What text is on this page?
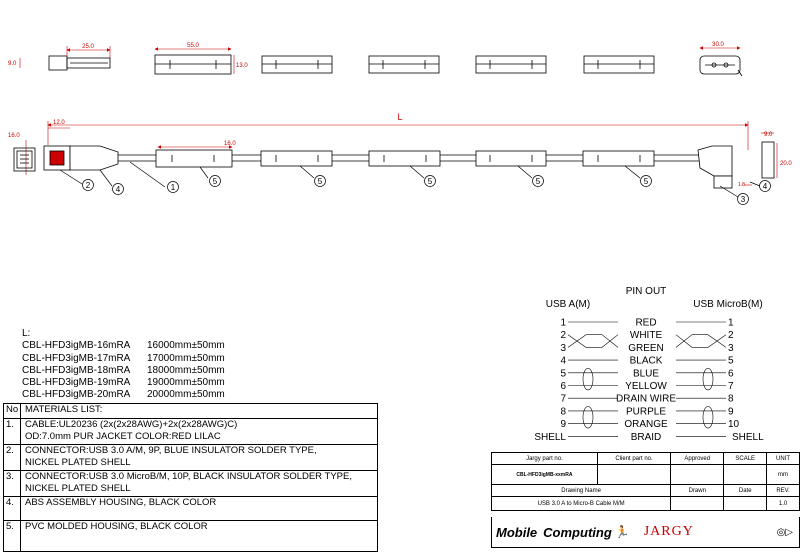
25.0
9.0
55.0
13.0
30.0
L
12.0
16.0
16.0
9.0
20.0
1.8
2	4	1
5	5	5	5	5
3
4
L:
CBL-HFD3igMB-16mRA	16000mm±50mm
CBL-HFD3igMB-17mRA	17000mm±50mm
CBL-HFD3igMB-18mRA	18000mm±50mm
CBL-HFD3igMB-19mRA	19000mm±50mm
CBL-HFD3igMB-20mRA	20000mm±50mm
PIN OUT
USB A(M)	USB MicroB(M)
1	RED	1
2	WHITE	2
3	GREEN	3
4	BLACK	5
5	BLUE	6
6	YELLOW	7
7	DRAIN WIRE	8
8	PURPLE	9
9	ORANGE	10
SHELL	BRAID	SHELL
No MATERIALS LIST:
1.	CABLE:UL20236 (2x(2x28AWG)+2x(2x28AWG)C)
OD:7.0mm PUR JACKET COLOR:RED LILAC
2.	CONNECTOR:USB 3.0 A/M, 9P, BLUE INSULATOR SOLDER TYPE,
NICKEL PLATED SHELL
3.	CONNECTOR:USB 3.0 MicroB/M, 10P, BLACK INSULATOR SOLDER TYPE,
NICKEL PLATED SHELL
4.	ABS ASSEMBLY HOUSING, BLACK COLOR
5.	PVC MOLDED HOUSING, BLACK COLOR
Jargy part no.	Client part no.	Approved	SCALE	UNIT
CBL-HFD3igMB-xxmRA				mm
Drawing Name		Drawn	Date	REV.
USB 3.0 A to Micro-B Cable M/M				1.0
Mobile Computing 🏃 JARGY	◎▷
